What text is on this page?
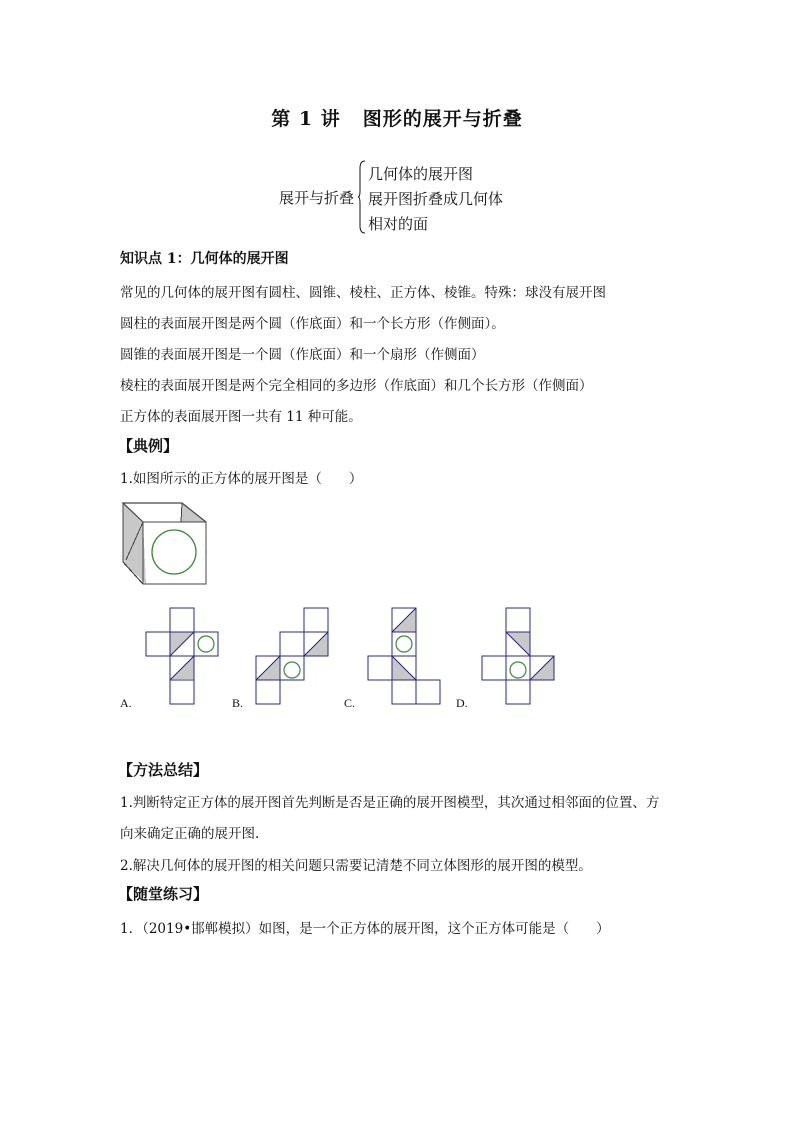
第 1 讲 图形的展开与折叠
展开与折叠
几何体的展开图
展开图折叠成几何体
相对的面
知识点 1：几何体的展开图
常见的几何体的展开图有圆柱、圆锥、棱柱、正方体、棱锥。特殊：球没有展开图
圆柱的表面展开图是两个圆（作底面）和一个长方形（作侧面）。
圆锥的表面展开图是一个圆（作底面）和一个扇形（作侧面）
棱柱的表面展开图是两个完全相同的多边形（作底面）和几个长方形（作侧面）
正方体的表面展开图一共有 11 种可能。
【典例】
1.如图所示的正方体的展开图是（　　）
A.	B.	C.	D.
【方法总结】
1.判断特定正方体的展开图首先判断是否是正确的展开图模型，其次通过相邻面的位置、方
向来确定正确的展开图.
2.解决几何体的展开图的相关问题只需要记清楚不同立体图形的展开图的模型。
【随堂练习】
1．（2019•邯郸模拟）如图，是一个正方体的展开图，这个正方体可能是（　　）
